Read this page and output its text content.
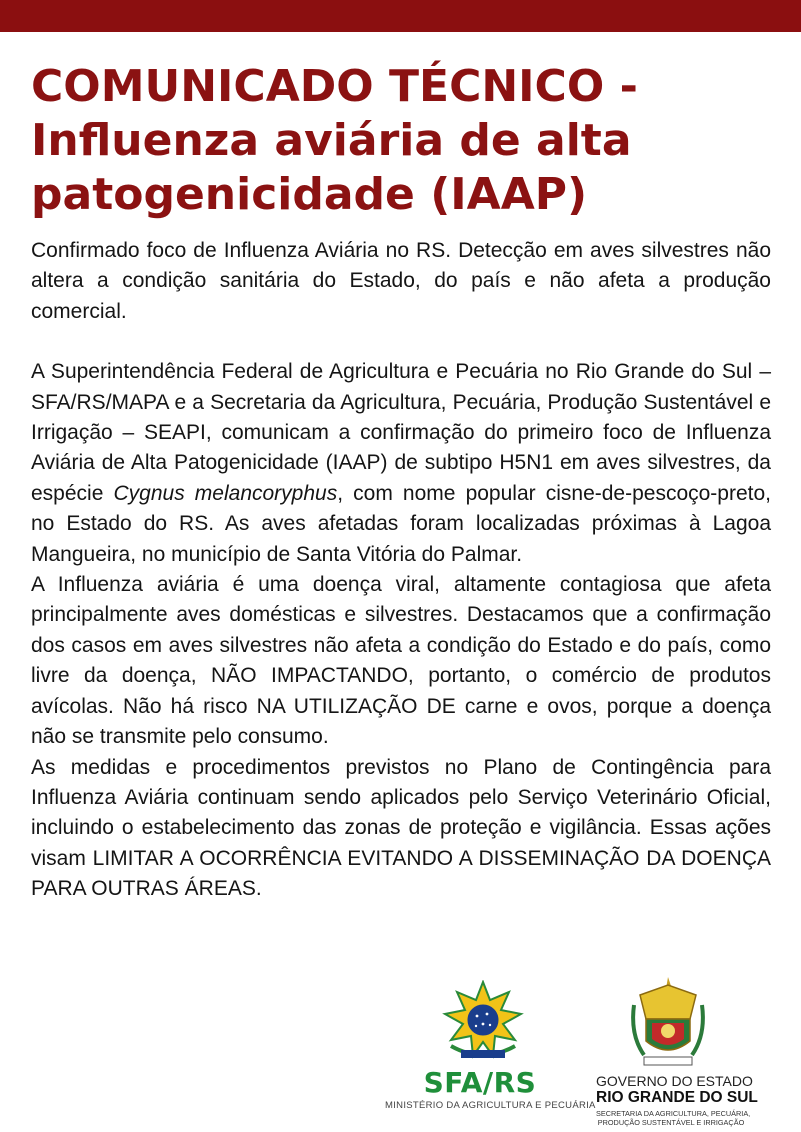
COMUNICADO TÉCNICO -
Influenza aviária de alta
patogenicidade (IAAP)

Confirmado foco de Influenza Aviária no RS. Detecção em aves silvestres não altera a condição sanitária do Estado, do país e não afeta a produção comercial.

A Superintendência Federal de Agricultura e Pecuária no Rio Grande do Sul – SFA/RS/MAPA e a Secretaria da Agricultura, Pecuária, Produção Sustentável e Irrigação – SEAPI, comunicam a confirmação do primeiro foco de Influenza Aviária de Alta Patogenicidade (IAAP) de subtipo H5N1 em aves silvestres, da espécie Cygnus melancoryphus, com nome popular cisne-de-pescoço-preto, no Estado do RS. As aves afetadas foram localizadas próximas à Lagoa Mangueira, no município de Santa Vitória do Palmar.

A Influenza aviária é uma doença viral, altamente contagiosa que afeta principalmente aves domésticas e silvestres. Destacamos que a confirmação dos casos em aves silvestres não afeta a condição do Estado e do país, como livre da doença, NÃO IMPACTANDO, portanto, o comércio de produtos avícolas. Não há risco NA UTILIZAÇÃO DE carne e ovos, porque a doença não se transmite pelo consumo.

As medidas e procedimentos previstos no Plano de Contingência para Influenza Aviária continuam sendo aplicados pelo Serviço Veterinário Oficial, incluindo o estabelecimento das zonas de proteção e vigilância. Essas ações visam LIMITAR A OCORRÊNCIA EVITANDO A DISSEMINAÇÃO DA DOENÇA PARA OUTRAS ÁREAS.

SFA/RS
MINISTÉRIO DA AGRICULTURA E PECUÁRIA
GOVERNO DO ESTADO
RIO GRANDE DO SUL
SECRETARIA DA AGRICULTURA, PECUÁRIA,
PRODUÇÃO SUSTENTÁVEL E IRRIGAÇÃO
